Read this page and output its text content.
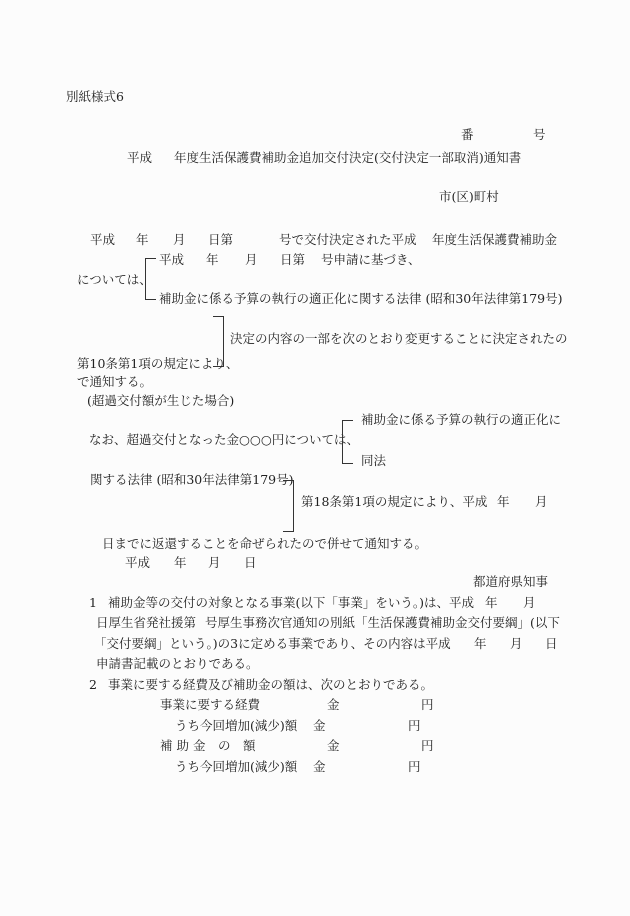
別紙様式6
番	号
平成 年度生活保護費補助金追加交付決定(交付決定一部取消)通知書
市(区)町村
平成 年 月 日第	号で交付決定された平成 年度生活保護費補助金
については、
平成 年 月 日第 号申請に基づき、
補助金に係る予算の執行の適正化に関する法律 (昭和30年法律第179号)
決定の内容の一部を次のとおり変更することに決定されたの
第10条第1項の規定により、
で通知する。
(超過交付額が生じた場合)
なお、超過交付となった金○○○円については、
補助金に係る予算の執行の適正化に
同法
関する法律 (昭和30年法律第179号)
第18条第1項の規定により、平成 年 月
日までに返還することを命ぜられたので併せて通知する。
平成 年 月 日
都道府県知事
1 補助金等の交付の対象となる事業(以下「事業」をいう。)は、平成 年 月
日厚生省発社援第 号厚生事務次官通知の別紙「生活保護費補助金交付要綱」(以下
「交付要綱」という。)の3に定める事業であり、その内容は平成 年 月 日
申請書記載のとおりである。
2 事業に要する経費及び補助金の額は、次のとおりである。
事業に要する経費	金	円
うち今回増加(減少)額 金	円
補 助 金　の　額	金	円
うち今回増加(減少)額 金	円
